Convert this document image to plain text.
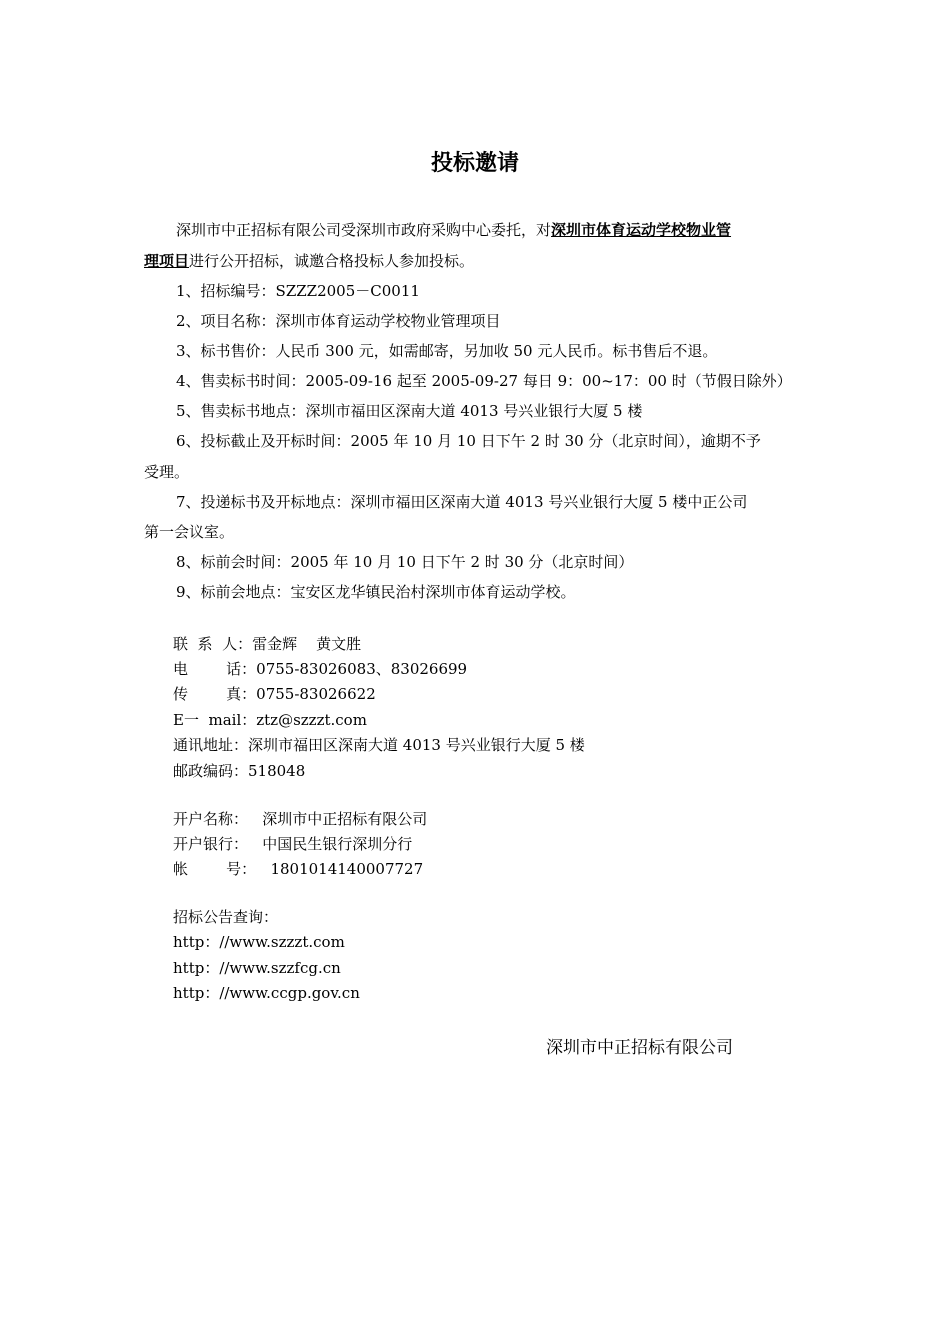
投标邀请
深圳市中正招标有限公司受深圳市政府采购中心委托，对深圳市体育运动学校物业管
理项目进行公开招标，诚邀合格投标人参加投标。
1、招标编号：SZZZ2005－C0011
2、项目名称：深圳市体育运动学校物业管理项目
3、标书售价：人民币 300 元，如需邮寄，另加收 50 元人民币。标书售后不退。
4、售卖标书时间：2005-09-16 起至 2005-09-27 每日 9：00~17：00 时（节假日除外）
5、售卖标书地点：深圳市福田区深南大道 4013 号兴业银行大厦 5 楼
6、投标截止及开标时间：2005 年 10 月 10 日下午 2 时 30 分（北京时间），逾期不予
受理。
7、投递标书及开标地点：深圳市福田区深南大道 4013 号兴业银行大厦 5 楼中正公司
第一会议室。
8、标前会时间：2005 年 10 月 10 日下午 2 时 30 分（北京时间）
9、标前会地点：宝安区龙华镇民治村深圳市体育运动学校。
联  系  人：雷金辉    黄文胜
电        话：0755-83026083、83026699
传        真：0755-83026622
E一  mail：ztz@szzzt.com
通讯地址：深圳市福田区深南大道 4013 号兴业银行大厦 5 楼
邮政编码：518048
开户名称：   深圳市中正招标有限公司
开户银行：   中国民生银行深圳分行
帐        号：   1801014140007727
招标公告查询：
http：//www.szzzt.com
http：//www.szzfcg.cn
http：//www.ccgp.gov.cn
深圳市中正招标有限公司
